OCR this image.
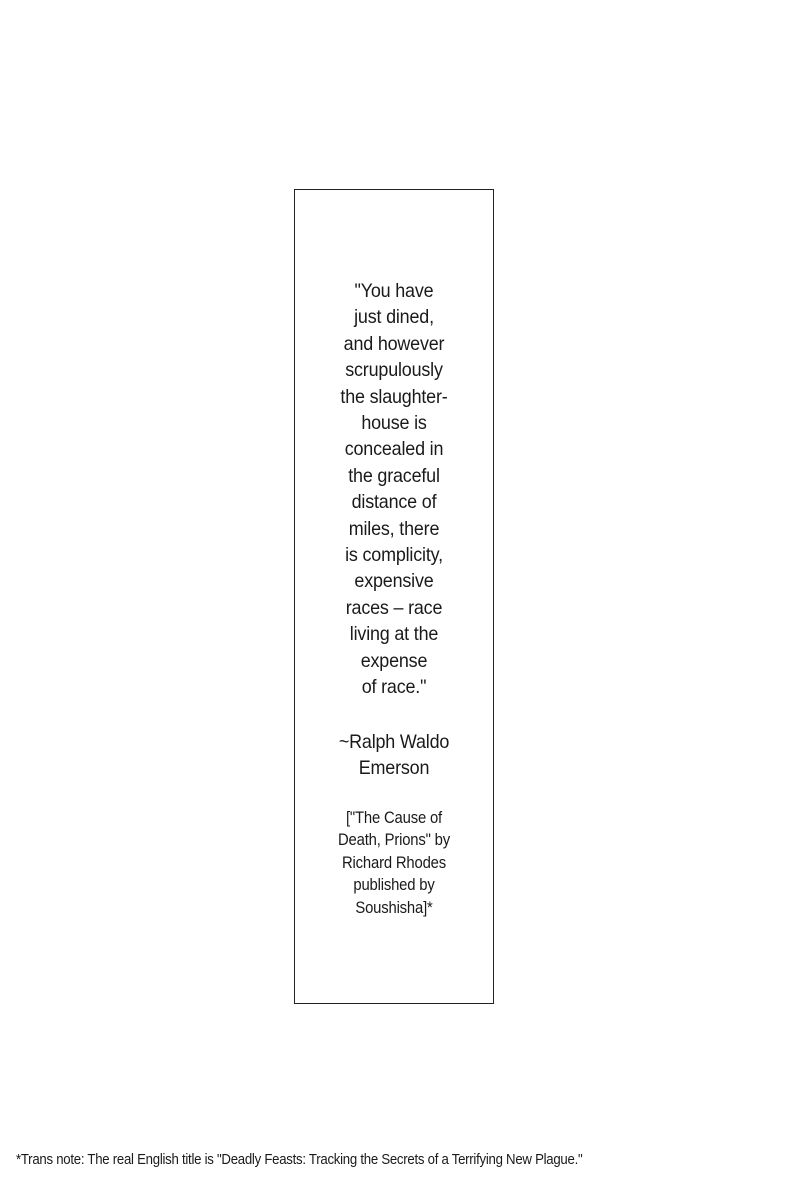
"You have
just dined,
and however
scrupulously
the slaughter-
house is
concealed in
the graceful
distance of
miles, there
is complicity,
expensive
races – race
living at the
expense
of race."
~Ralph Waldo
Emerson
["The Cause of
Death, Prions" by
Richard Rhodes
published by
Soushisha]*
*Trans note: The real English title is "Deadly Feasts: Tracking the Secrets of a Terrifying New Plague."
